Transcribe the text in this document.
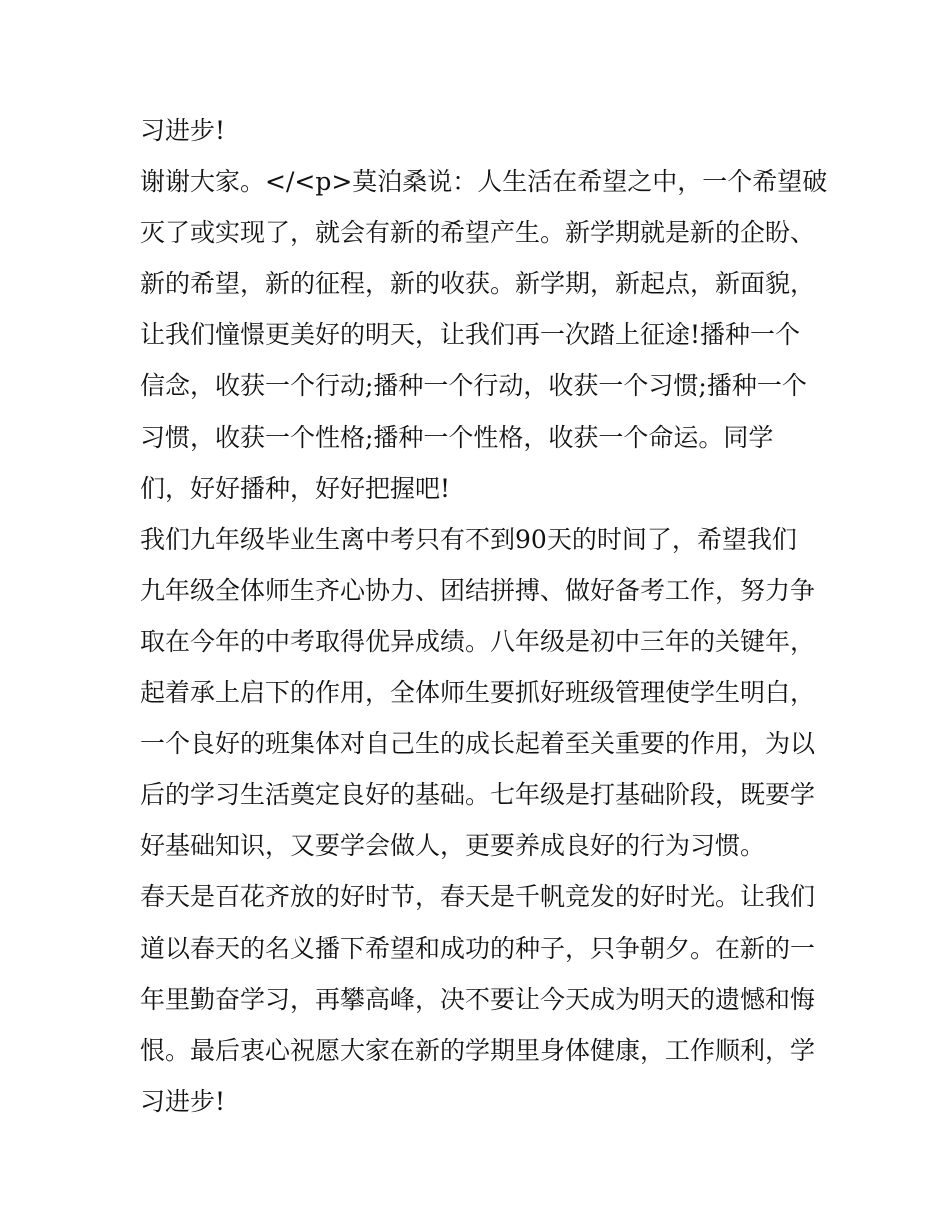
习进步!
谢谢大家。</<p>莫泊桑说：人生活在希望之中，一个希望破
灭了或实现了，就会有新的希望产生。新学期就是新的企盼、
新的希望，新的征程，新的收获。新学期，新起点，新面貌，
让我们憧憬更美好的明天，让我们再一次踏上征途!播种一个
信念，收获一个行动;播种一个行动，收获一个习惯;播种一个
习惯，收获一个性格;播种一个性格，收获一个命运。同学
们，好好播种，好好把握吧!
我们九年级毕业生离中考只有不到90天的时间了，希望我们
九年级全体师生齐心协力、团结拼搏、做好备考工作，努力争
取在今年的中考取得优异成绩。八年级是初中三年的关键年，
起着承上启下的作用，全体师生要抓好班级管理使学生明白，
一个良好的班集体对自己生的成长起着至关重要的作用，为以
后的学习生活奠定良好的基础。七年级是打基础阶段，既要学
好基础知识，又要学会做人，更要养成良好的行为习惯。
春天是百花齐放的好时节，春天是千帆竞发的好时光。让我们
道以春天的名义播下希望和成功的种子，只争朝夕。在新的一
年里勤奋学习，再攀高峰，决不要让今天成为明天的遗憾和悔
恨。最后衷心祝愿大家在新的学期里身体健康，工作顺利，学
习进步!
